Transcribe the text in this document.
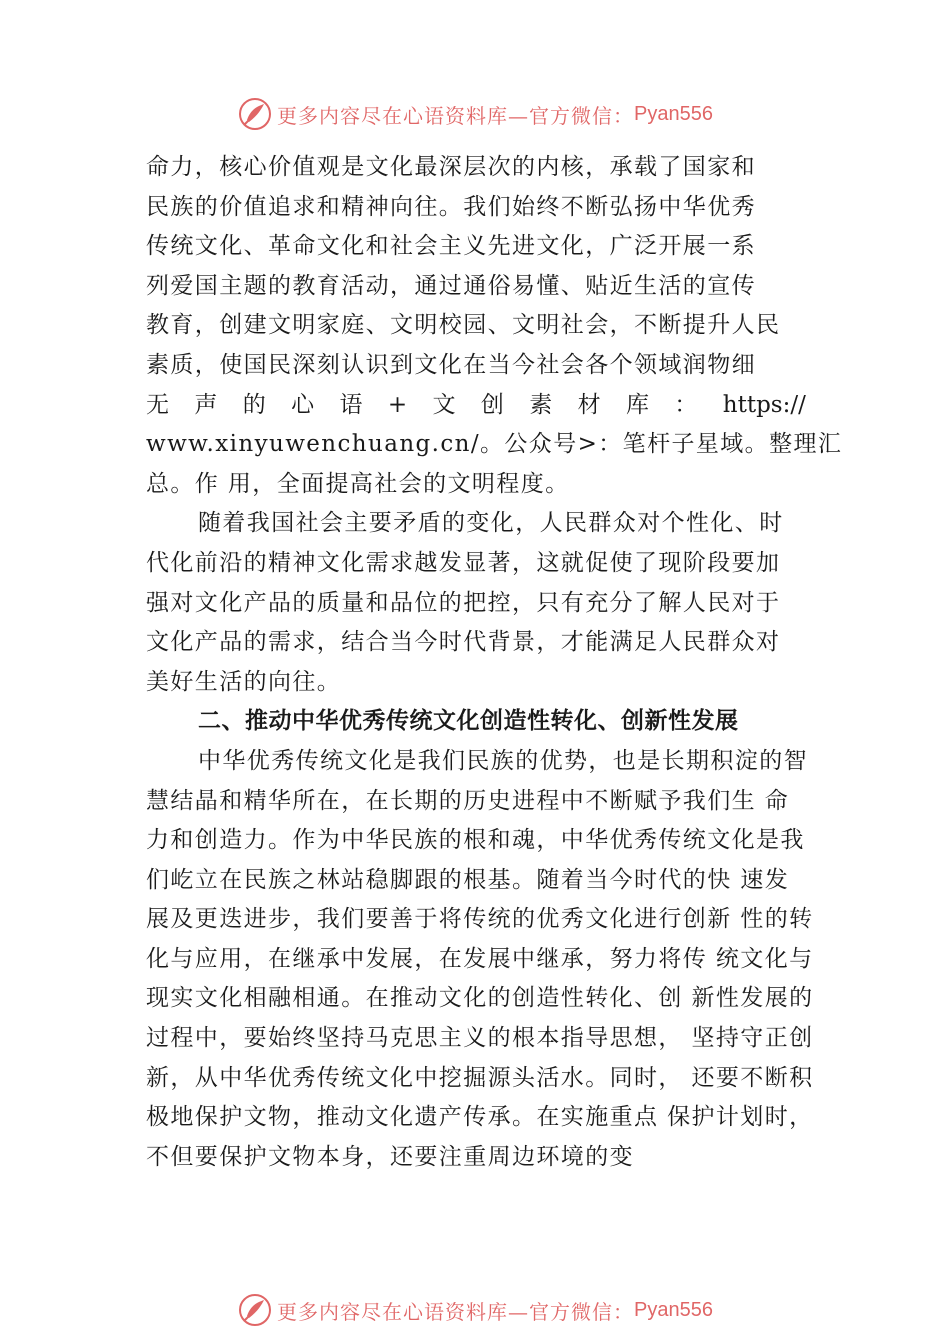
更多内容尽在心语资料库—官方微信： Pyan556
命力，核心价值观是文化最深层次的内核，承载了国家和
民族的价值追求和精神向往。我们始终不断弘扬中华优秀
传统文化、革命文化和社会主义先进文化，广泛开展一系
列爱国主题的教育活动，通过通俗易懂、贴近生活的宣传
教育，创建文明家庭、文明校园、文明社会，不断提升人民
素质，使国民深刻认识到文化在当今社会各个领域润物细
无 声 的 心 语 + 文 创 素 材 库 ： https://
www.xinyuwenchuang.cn/。公众号>：笔杆子星域。整理汇
总。作 用，全面提高社会的文明程度。
随着我国社会主要矛盾的变化，人民群众对个性化、时
代化前沿的精神文化需求越发显著，这就促使了现阶段要加
强对文化产品的质量和品位的把控，只有充分了解人民对于
文化产品的需求，结合当今时代背景，才能满足人民群众对
美好生活的向往。
二、推动中华优秀传统文化创造性转化、创新性发展
中华优秀传统文化是我们民族的优势，也是长期积淀的智
慧结晶和精华所在，在长期的历史进程中不断赋予我们生 命
力和创造力。作为中华民族的根和魂，中华优秀传统文化是我
们屹立在民族之林站稳脚跟的根基。随着当今时代的快 速发
展及更迭进步，我们要善于将传统的优秀文化进行创新 性的转
化与应用，在继承中发展，在发展中继承，努力将传 统文化与
现实文化相融相通。在推动文化的创造性转化、创 新性发展的
过程中，要始终坚持马克思主义的根本指导思想， 坚持守正创
新，从中华优秀传统文化中挖掘源头活水。同时， 还要不断积
极地保护文物，推动文化遗产传承。在实施重点 保护计划时，
不但要保护文物本身，还要注重周边环境的变
更多内容尽在心语资料库—官方微信： Pyan556
